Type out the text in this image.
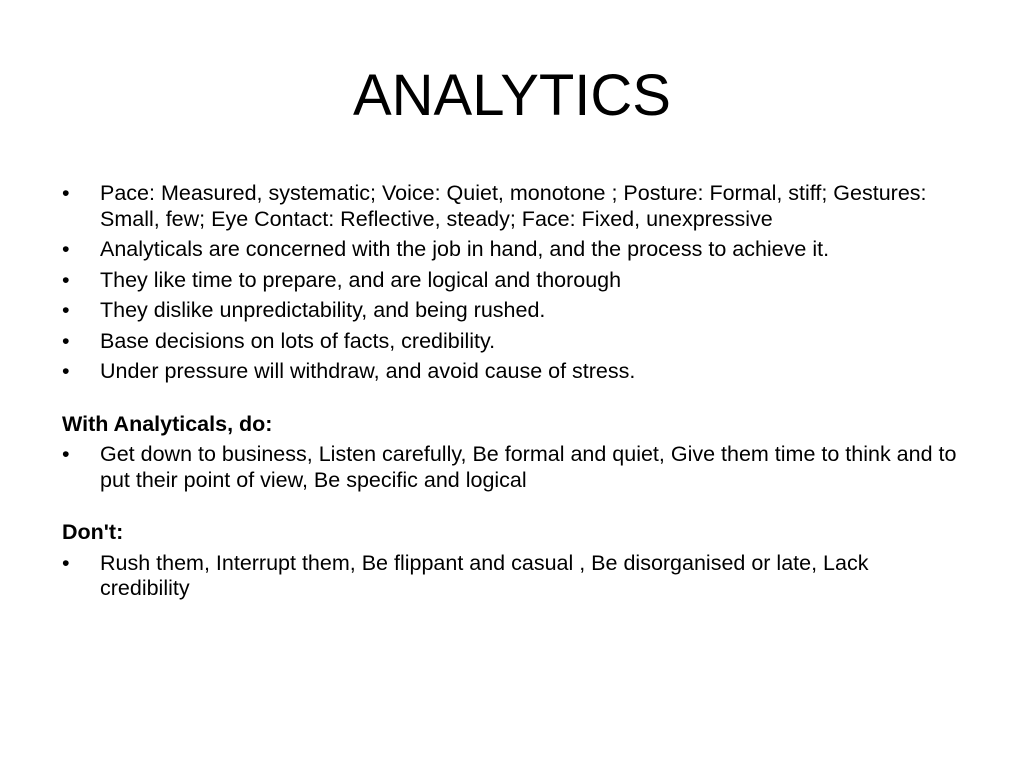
ANALYTICS
•	Pace: Measured, systematic; Voice: Quiet, monotone ; Posture: Formal, stiff; Gestures: Small, few; Eye Contact: Reflective, steady; Face: Fixed, unexpressive
•	Analyticals are concerned with the job in hand, and the process to achieve it.
•	They like time to prepare, and are logical and thorough
•	They dislike unpredictability, and being rushed.
•	Base decisions on lots of facts, credibility.
•	Under pressure will withdraw, and avoid cause of stress.
With Analyticals, do:
•	Get down to business, Listen carefully, Be formal and quiet, Give them time to think and to put their point of view, Be specific and logical
Don't:
•	Rush them, Interrupt them, Be flippant and casual , Be disorganised or late, Lack credibility
